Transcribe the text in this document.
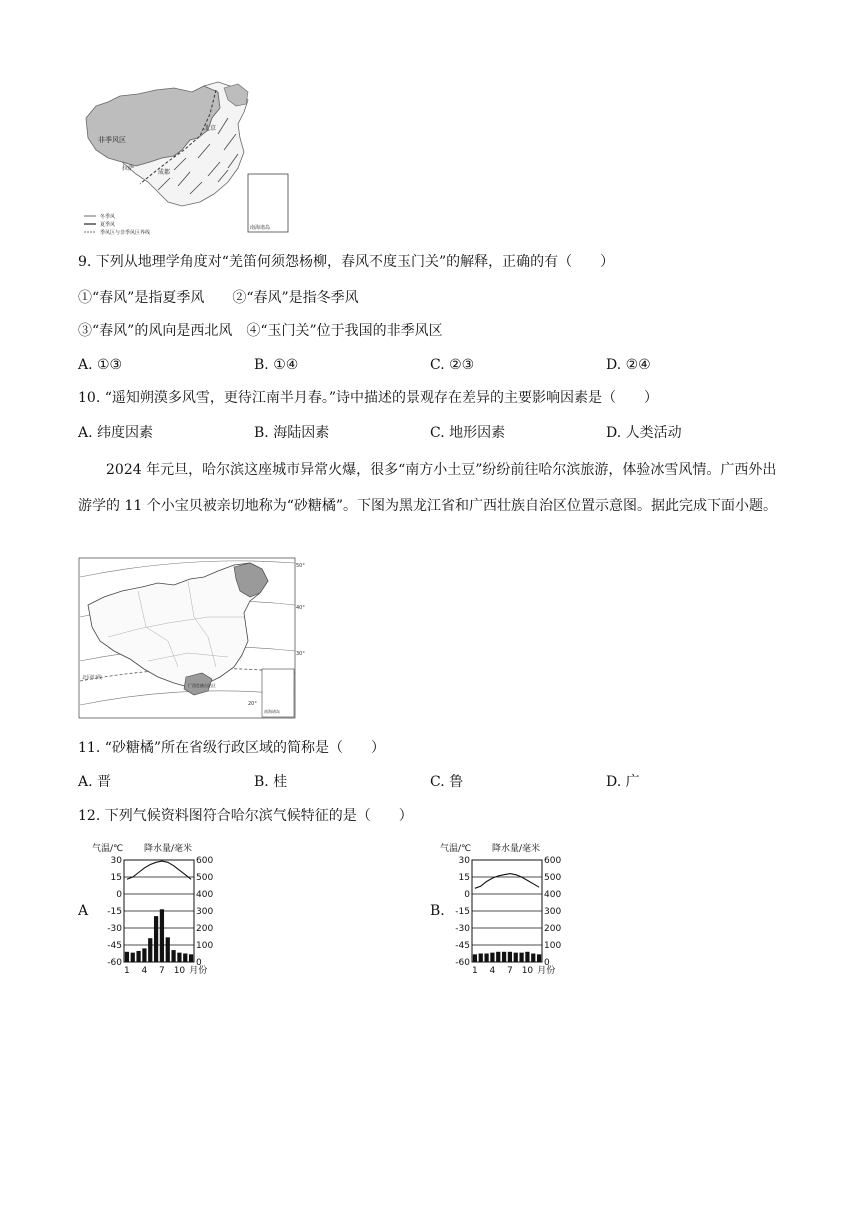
非季风区
北京
拉萨
成都
南海诸岛
冬季风
夏季风
季风区与非季风区界线
9. 下列从地理学角度对“羌笛何须怨杨柳，春风不度玉门关”的解释，正确的有（　　）
①“春风”是指夏季风　　②“春风”是指冬季风
③“春风”的风向是西北风　④“玉门关”位于我国的非季风区
A. ①③	B. ①④	C. ②③	D. ②④
10. “遥知朔漠多风雪，更待江南半月春。”诗中描述的景观存在差异的主要影响因素是（　　）
A. 纬度因素	B. 海陆因素	C. 地形因素	D. 人类活动
2024 年元旦，哈尔滨这座城市异常火爆，很多“南方小土豆”纷纷前往哈尔滨旅游，体验冰雪风情。广西外出游学的 11 个小宝贝被亲切地称为“砂糖橘”。下图为黑龙江省和广西壮族自治区位置示意图。据此完成下面小题。
北回归线
广西壮族自治区
南海诸岛
50°
40°
30°
20°
11. “砂糖橘”所在省级行政区域的简称是（　　）
A. 晋	B. 桂	C. 鲁	D. 广
12. 下列气候资料图符合哈尔滨气候特征的是（　　）
A
气温/℃ 降水量/毫米
30
15
0
-15
-30
-45
-60
600
500
400
300
200
100
0
1 4 7 10 月份
B.
气温/℃ 降水量/毫米
30
15
0
-15
-30
-45
-60
600
500
400
300
200
100
0
1 4 7 10 月份
